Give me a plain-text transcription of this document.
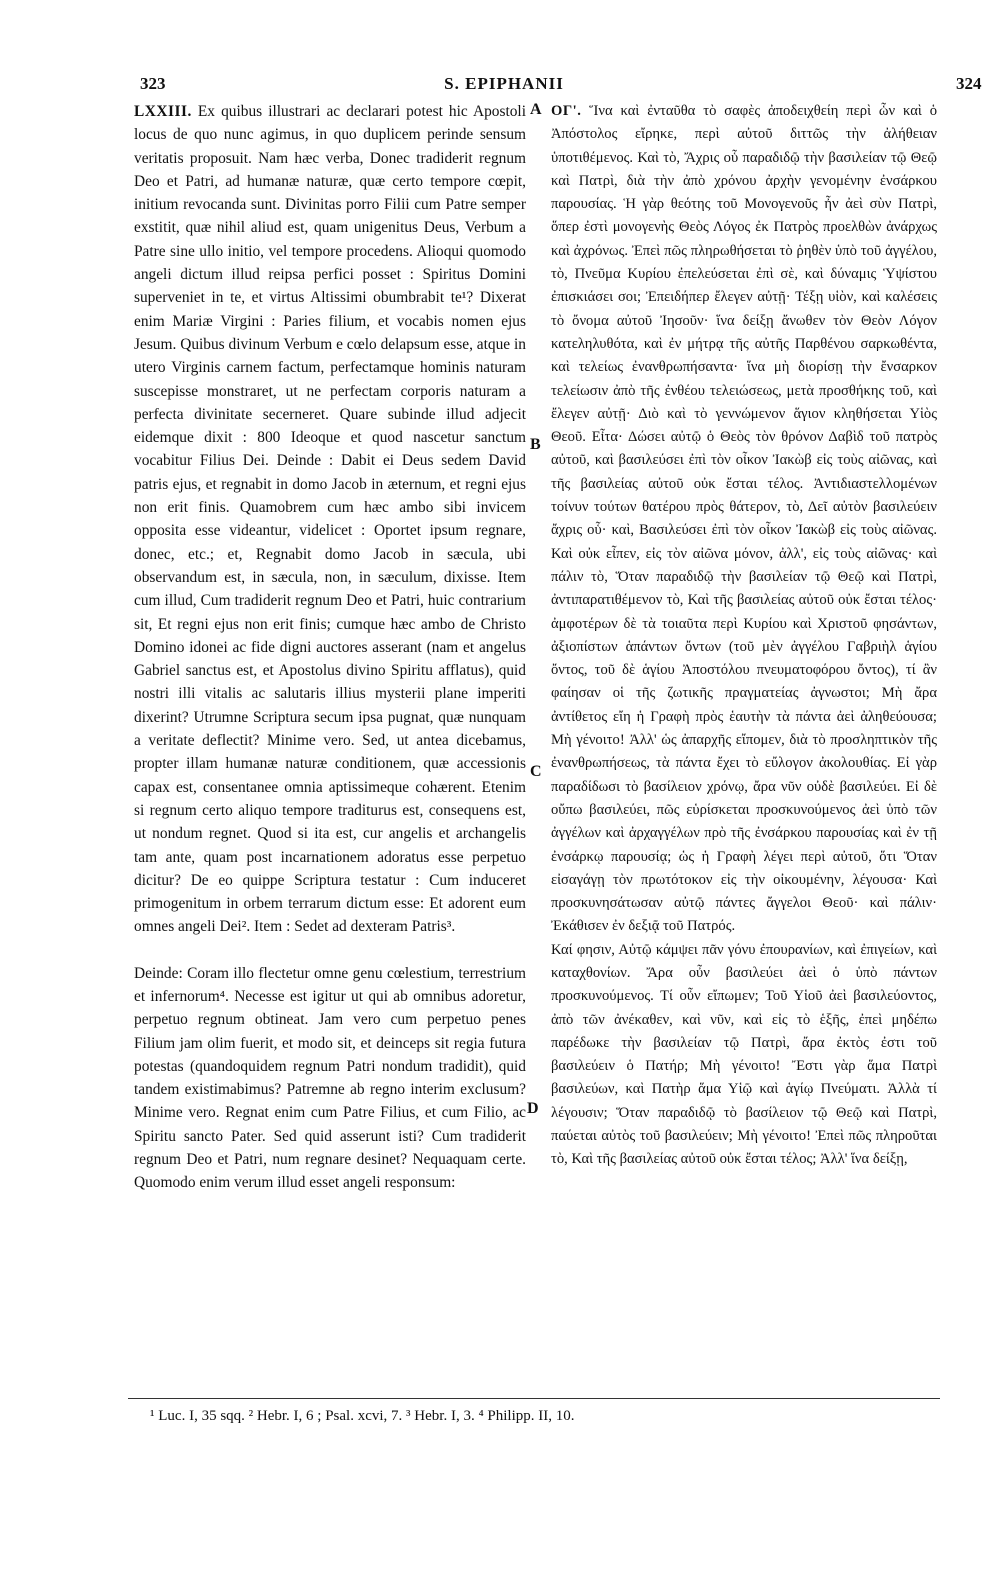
323	S. EPIPHANII	324

LXXIII. Ex quibus illustrari ac declarari potest hic Apostoli locus de quo nunc agimus, in quo duplicem perinde sensum veritatis proposuit. Nam hæc verba, Donec tradiderit regnum Deo et Patri, ad humanæ naturæ, quæ certo tempore cœpit, initium revocanda sunt. Divinitas porro Filii cum Patre semper exstitit, quæ nihil aliud est, quam unigenitus Deus, Verbum a Patre sine ullo initio, vel tempore procedens. Alioqui quomodo angeli dictum illud reipsa perfici posset : Spiritus Domini superveniet in te, et virtus Altissimi obumbrabit te¹? Dixerat enim Mariæ Virgini : Paries filium, et vocabis nomen ejus Jesum. Quibus divinum Verbum e cœlo delapsum esse, atque in utero Virginis carnem factum, perfectamque hominis naturam suscepisse monstraret, ut ne perfectam corporis naturam a perfecta divinitate secerneret. Quare subinde illud adjecit eidemque dixit : 800 Ideoque et quod nascetur sanctum vocabitur Filius Dei. Deinde : Dabit ei Deus sedem David patris ejus, et regnabit in domo Jacob in æternum, et regni ejus non erit finis. Quamobrem cum hæc ambo sibi invicem opposita esse videantur, videlicet : Oportet ipsum regnare, donec, etc.; et, Regnabit domo Jacob in sæcula, ubi observandum est, in sæcula, non, in sæculum, dixisse. Item cum illud, Cum tradiderit regnum Deo et Patri, huic contrarium sit, Et regni ejus non erit finis; cumque hæc ambo de Christo Domino idonei ac fide digni auctores asserant (nam et angelus Gabriel sanctus est, et Apostolus divino Spiritu afflatus), quid nostri illi vitalis ac salutaris illius mysterii plane imperiti dixerint? Utrumne Scriptura secum ipsa pugnat, quæ nunquam a veritate deflectit? Minime vero. Sed, ut antea dicebamus, propter illam humanæ naturæ conditionem, quæ accessionis capax est, consentanee omnia aptissimeque cohærent. Etenim si regnum certo aliquo tempore traditurus est, consequens est, ut nondum regnet. Quod si ita est, cur angelis et archangelis tam ante, quam post incarnationem adoratus esse perpetuo dicitur? De eo quippe Scriptura testatur : Cum induceret primogenitum in orbem terrarum dictum esse: Et adorent eum omnes angeli Dei². Item : Sedet ad dexteram Patris³.

Deinde: Coram illo flectetur omne genu cœlestium, terrestrium et infernorum⁴. Necesse est igitur ut qui ab omnibus adoretur, perpetuo regnum obtineat. Jam vero cum perpetuo penes Filium jam olim fuerit, et modo sit, et deinceps sit regia futura potestas (quandoquidem regnum Patri nondum tradidit), quid tandem existimabimus? Patremne ab regno interim exclusum? Minime vero. Regnat enim cum Patre Filius, et cum Filio, ac Spiritu sancto Pater. Sed quid asserunt isti? Cum tradiderit regnum Deo et Patri, num regnare desinet? Nequaquam certe. Quomodo enim verum illud esset angeli responsum:

ΟΓ'. Ἵνα καὶ ἐνταῦθα τὸ σαφὲς ἀποδειχθείη περὶ ὧν καὶ ὁ Ἀπόστολος εἴρηκε, περὶ αὐτοῦ διττῶς τὴν ἀλήθειαν ὑποτιθέμενος. Καὶ τὸ, Ἄχρις οὗ παραδιδῷ τὴν βασιλείαν τῷ Θεῷ καὶ Πατρὶ, διὰ τὴν ἀπὸ χρόνου ἀρχὴν γενομένην ἐνσάρκου παρουσίας. Ἡ γὰρ θεότης τοῦ Μονογενοῦς ἦν ἀεὶ σὺν Πατρὶ, ὅπερ ἐστὶ μονογενὴς Θεὸς Λόγος ἐκ Πατρὸς προελθὼν ἀνάρχως καὶ ἀχρόνως. Ἐπεὶ πῶς πληρωθήσεται τὸ ῥηθὲν ὑπὸ τοῦ ἀγγέλου, τὸ, Πνεῦμα Κυρίου ἐπελεύσεται ἐπὶ σὲ, καὶ δύναμις Ὑψίστου ἐπισκιάσει σοι; Ἐπειδήπερ ἔλεγεν αὐτῇ· Τέξῃ υἱὸν, καὶ καλέσεις τὸ ὄνομα αὐτοῦ Ἰησοῦν· ἵνα δείξῃ ἄνωθεν τὸν Θεὸν Λόγον κατεληλυθότα, καὶ ἐν μήτρᾳ τῆς αὐτῆς Παρθένου σαρκωθέντα, καὶ τελείως ἐνανθρωπήσαντα· ἵνα μὴ διορίσῃ τὴν ἔνσαρκον τελείωσιν ἀπὸ τῆς ἐνθέου τελειώσεως, μετὰ προσθήκης τοῦ, καὶ ἔλεγεν αὐτῇ· Διὸ καὶ τὸ γεννώμενον ἅγιον κληθήσεται Υἱὸς Θεοῦ. Εἶτα· Δώσει αὐτῷ ὁ Θεὸς τὸν θρόνον Δαβὶδ τοῦ πατρὸς αὐτοῦ, καὶ βασιλεύσει ἐπὶ τὸν οἶκον Ἰακὼβ εἰς τοὺς αἰῶνας, καὶ τῆς βασιλείας αὐτοῦ οὐκ ἔσται τέλος. Ἀντιδιαστελλομένων τοίνυν τούτων θατέρου πρὸς θάτερον, τὸ, Δεῖ αὐτὸν βασιλεύειν ἄχρις οὗ· καὶ, Βασιλεύσει ἐπὶ τὸν οἶκον Ἰακὼβ εἰς τοὺς αἰῶνας. Καὶ οὐκ εἶπεν, εἰς τὸν αἰῶνα μόνον, ἀλλ', εἰς τοὺς αἰῶνας· καὶ πάλιν τὸ, Ὅταν παραδιδῷ τὴν βασιλείαν τῷ Θεῷ καὶ Πατρὶ, ἀντιπαρατιθέμενον τὸ, Καὶ τῆς βασιλείας αὐτοῦ οὐκ ἔσται τέλος· ἀμφοτέρων δὲ τὰ τοιαῦτα περὶ Κυρίου καὶ Χριστοῦ φησάντων, ἀξιοπίστων ἁπάντων ὄντων (τοῦ μὲν ἀγγέλου Γαβριὴλ ἁγίου ὄντος, τοῦ δὲ ἁγίου Ἀποστόλου πνευματοφόρου ὄντος), τί ἂν φαίησαν οἱ τῆς ζωτικῆς πραγματείας ἀγνωστοι; Μὴ ἄρα ἀντίθετος εἴη ἡ Γραφὴ πρὸς ἑαυτὴν τὰ πάντα ἀεὶ ἀληθεύουσα; Μὴ γένοιτο! Ἀλλ' ὡς ἀπαρχῆς εἴπομεν, διὰ τὸ προσληπτικὸν τῆς ἐνανθρωπήσεως, τὰ πάντα ἔχει τὸ εὔλογον ἀκολουθίας. Εἰ γὰρ παραδίδωσι τὸ βασίλειον χρόνῳ, ἄρα νῦν οὐδὲ βασιλεύει. Εἰ δὲ οὔπω βασιλεύει, πῶς εὑρίσκεται προσκυνούμενος ἀεὶ ὑπὸ τῶν ἀγγέλων καὶ ἀρχαγγέλων πρὸ τῆς ἐνσάρκου παρουσίας καὶ ἐν τῇ ἐνσάρκῳ παρουσίᾳ; ὡς ἡ Γραφὴ λέγει περὶ αὐτοῦ, ὅτι Ὅταν εἰσαγάγῃ τὸν πρωτότοκον εἰς τὴν οἰκουμένην, λέγουσα· Καὶ προσκυνησάτωσαν αὐτῷ πάντες ἄγγελοι Θεοῦ· καὶ πάλιν· Ἐκάθισεν ἐν δεξιᾷ τοῦ Πατρός.

Καί φησιν, Αὐτῷ κάμψει πᾶν γόνυ ἐπουρανίων, καὶ ἐπιγείων, καὶ καταχθονίων. Ἄρα οὖν βασιλεύει ἀεὶ ὁ ὑπὸ πάντων προσκυνούμενος. Τί οὖν εἴπωμεν; Τοῦ Υἱοῦ ἀεὶ βασιλεύοντος, ἀπὸ τῶν ἀνέκαθεν, καὶ νῦν, καὶ εἰς τὸ ἑξῆς, ἐπεὶ μηδέπω παρέδωκε τὴν βασιλείαν τῷ Πατρὶ, ἄρα ἐκτὸς ἐστι τοῦ βασιλεύειν ὁ Πατήρ; Μὴ γένοιτο! Ἔστι γὰρ ἅμα Πατρὶ βασιλεύων, καὶ Πατὴρ ἅμα Υἱῷ καὶ ἁγίῳ Πνεύματι. Ἀλλὰ τί λέγουσιν; Ὅταν παραδιδῷ τὸ βασίλειον τῷ Θεῷ καὶ Πατρὶ, παύεται αὐτὸς τοῦ βασιλεύειν; Μὴ γένοιτο! Ἐπεὶ πῶς πληροῦται τὸ, Καὶ τῆς βασιλείας αὐτοῦ οὐκ ἔσται τέλος; Ἀλλ' ἵνα δείξῃ,

A
B
C
D
¹ Luc. I, 35 sqq. ² Hebr. I, 6 ; Psal. xcvi, 7. ³ Hebr. I, 3. ⁴ Philipp. II, 10.
